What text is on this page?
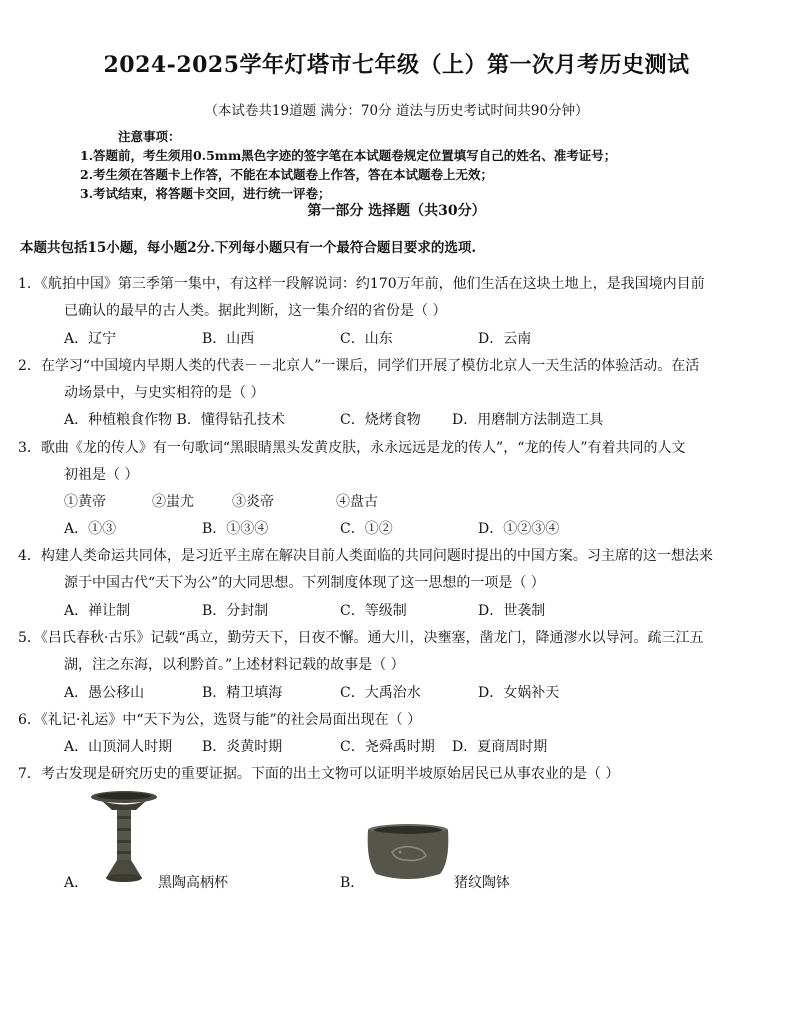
2024-2025学年灯塔市七年级（上）第一次月考历史测试
（本试卷共19道题 满分：70分 道法与历史考试时间共90分钟）
注意事项：
1.答题前，考生须用0.5mm黑色字迹的签字笔在本试题卷规定位置填写自己的姓名、准考证号；
2.考生须在答题卡上作答，不能在本试题卷上作答，答在本试题卷上无效；
3.考试结束，将答题卡交回，进行统一评卷；
第一部分 选择题（共30分）
本题共包括15小题，每小题2分.下列每小题只有一个最符合题目要求的选项.
1．《航拍中国》第三季第一集中，有这样一段解说词：约170万年前，他们生活在这块土地上，是我国境内目前
已确认的最早的古人类。据此判断，这一集介绍的省份是（ ）
A．辽宁	B．山西	C．山东	D．云南
2．在学习“中国境内早期人类的代表－－北京人”一课后，同学们开展了模仿北京人一天生活的体验活动。在活
动场景中，与史实相符的是（ ）
A．种植粮食作物 B．懂得钻孔技术	C．烧烤食物 D．用磨制方法制造工具
3．歌曲《龙的传人》有一句歌词“黑眼睛黑头发黄皮肤，永永远远是龙的传人”，“龙的传人”有着共同的人文
初祖是（ ）
①黄帝	②蚩尤	③炎帝	④盘古
A．①③	B．①③④	C．①②	D．①②③④
4．构建人类命运共同体，是习近平主席在解决目前人类面临的共同问题时提出的中国方案。习主席的这一想法来
源于中国古代“天下为公”的大同思想。下列制度体现了这一思想的一项是（ ）
A．禅让制	B．分封制	C．等级制	D．世袭制
5．《吕氏春秋·古乐》记载“禹立，勤劳天下，日夜不懈。通大川，决壅塞，凿龙门，降通漻水以导河。疏三江五
湖，注之东海，以利黔首。”上述材料记载的故事是（ ）
A．愚公移山	B．精卫填海	C．大禹治水	D．女娲补天
6．《礼记·礼运》中“天下为公，选贤与能”的社会局面出现在（ ）
A．山顶洞人时期 B．炎黄时期	C．尧舜禹时期 D．夏商周时期
7．考古发现是研究历史的重要证据。下面的出土文物可以证明半坡原始居民已从事农业的是（ ）
A．	黑陶高柄杯	B．	猪纹陶钵
